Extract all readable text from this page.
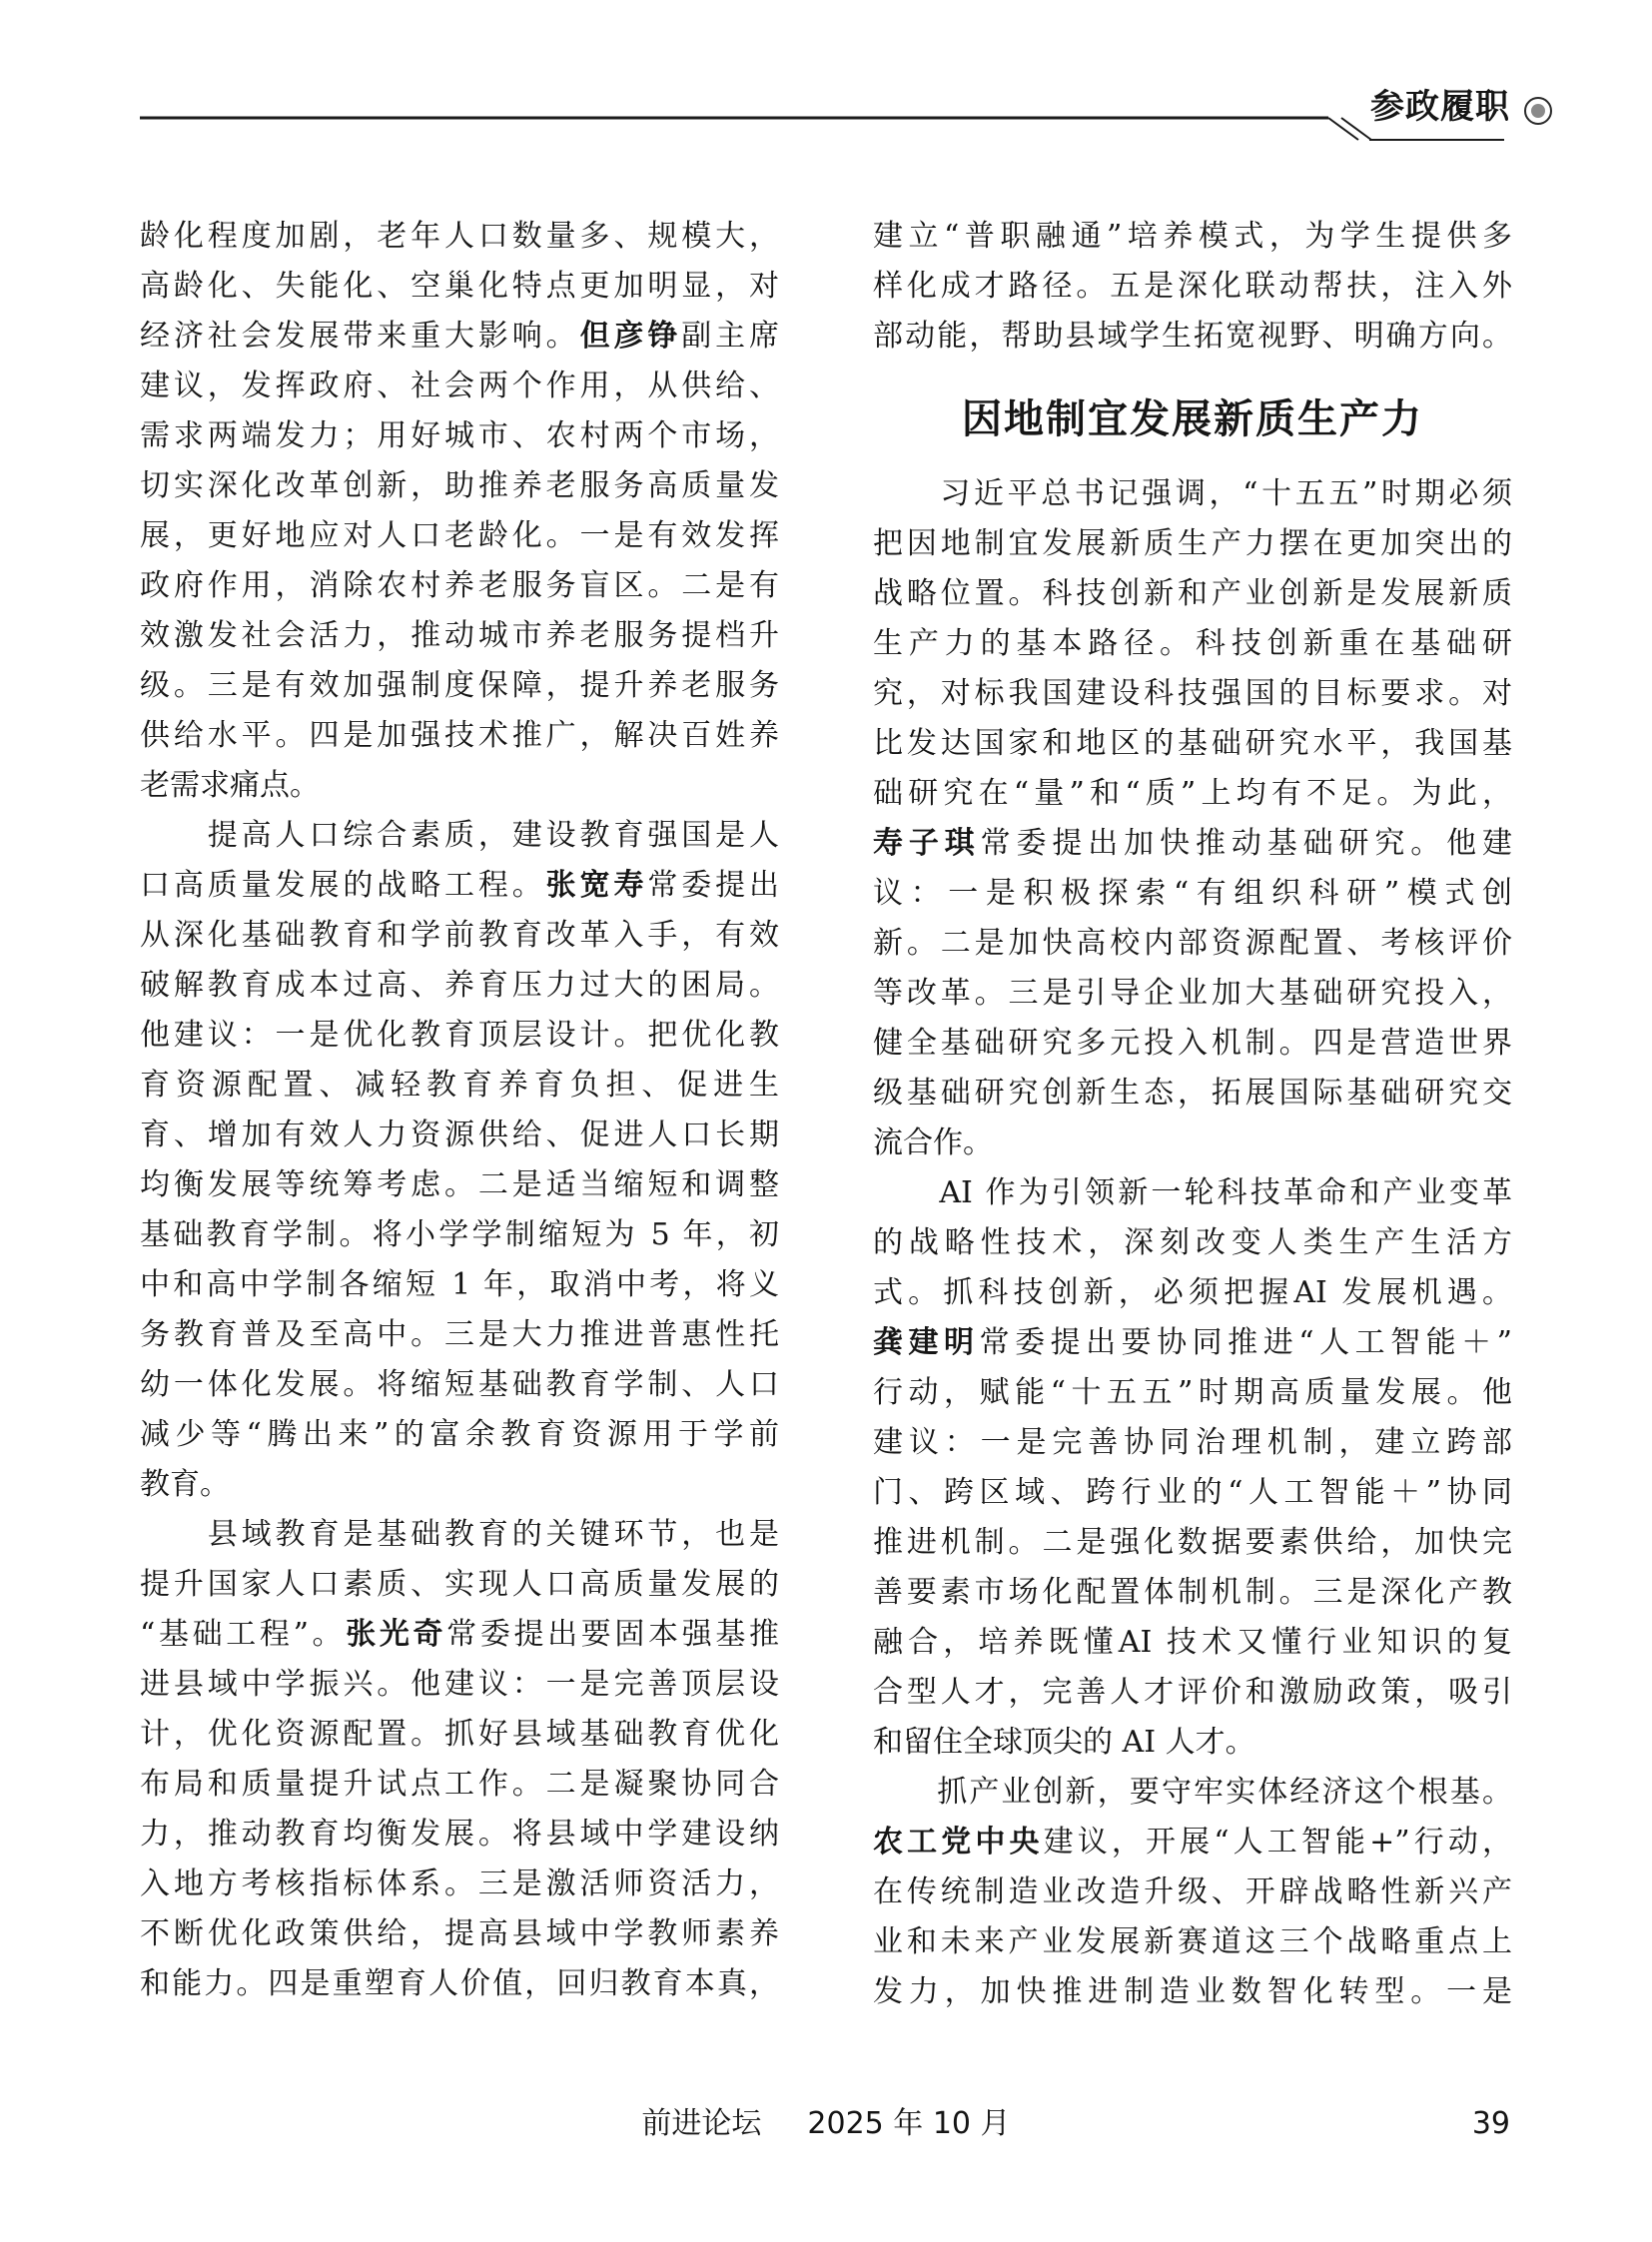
参政履职
龄化程度加剧，老年人口数量多、规模大，
高龄化、失能化、空巢化特点更加明显，对
经济社会发展带来重大影响。但彦铮副主席
建议，发挥政府、社会两个作用，从供给、
需求两端发力；用好城市、农村两个市场，
切实深化改革创新，助推养老服务高质量发
展，更好地应对人口老龄化。一是有效发挥
政府作用，消除农村养老服务盲区。二是有
效激发社会活力，推动城市养老服务提档升
级。三是有效加强制度保障，提升养老服务
供给水平。四是加强技术推广，解决百姓养
老需求痛点。
　　提高人口综合素质，建设教育强国是人
口高质量发展的战略工程。张宽寿常委提出
从深化基础教育和学前教育改革入手，有效
破解教育成本过高、养育压力过大的困局。
他建议：一是优化教育顶层设计。把优化教
育资源配置、减轻教育养育负担、促进生
育、增加有效人力资源供给、促进人口长期
均衡发展等统筹考虑。二是适当缩短和调整
基础教育学制。将小学学制缩短为 5 年，初
中和高中学制各缩短 1 年，取消中考，将义
务教育普及至高中。三是大力推进普惠性托
幼一体化发展。将缩短基础教育学制、人口
减少等“腾出来”的富余教育资源用于学前
教育。
　　县域教育是基础教育的关键环节，也是
提升国家人口素质、实现人口高质量发展的
“基础工程”。张光奇常委提出要固本强基推
进县域中学振兴。他建议：一是完善顶层设
计，优化资源配置。抓好县域基础教育优化
布局和质量提升试点工作。二是凝聚协同合
力，推动教育均衡发展。将县域中学建设纳
入地方考核指标体系。三是激活师资活力，
不断优化政策供给，提高县域中学教师素养
和能力。四是重塑育人价值，回归教育本真，
建立“普职融通”培养模式，为学生提供多
样化成才路径。五是深化联动帮扶，注入外
部动能，帮助县域学生拓宽视野、明确方向。
因地制宜发展新质生产力
　　习近平总书记强调，“十五五”时期必须
把因地制宜发展新质生产力摆在更加突出的
战略位置。科技创新和产业创新是发展新质
生产力的基本路径。科技创新重在基础研
究，对标我国建设科技强国的目标要求。对
比发达国家和地区的基础研究水平，我国基
础研究在“量”和“质”上均有不足。为此，
寿子琪常委提出加快推动基础研究。他建
议：一是积极探索“有组织科研”模式创
新。二是加快高校内部资源配置、考核评价
等改革。三是引导企业加大基础研究投入，
健全基础研究多元投入机制。四是营造世界
级基础研究创新生态，拓展国际基础研究交
流合作。
　　AI 作为引领新一轮科技革命和产业变革
的战略性技术，深刻改变人类生产生活方
式。抓科技创新，必须把握AI 发展机遇。
龚建明常委提出要协同推进“人工智能＋”
行动，赋能“十五五”时期高质量发展。他
建议：一是完善协同治理机制，建立跨部
门、跨区域、跨行业的“人工智能＋”协同
推进机制。二是强化数据要素供给，加快完
善要素市场化配置体制机制。三是深化产教
融合，培养既懂AI 技术又懂行业知识的复
合型人才，完善人才评价和激励政策，吸引
和留住全球顶尖的 AI 人才。
　　抓产业创新，要守牢实体经济这个根基。
农工党中央建议，开展“人工智能+”行动，
在传统制造业改造升级、开辟战略性新兴产
业和未来产业发展新赛道这三个战略重点上
发力，加快推进制造业数智化转型。一是
前进论坛 2025 年 10 月	39
